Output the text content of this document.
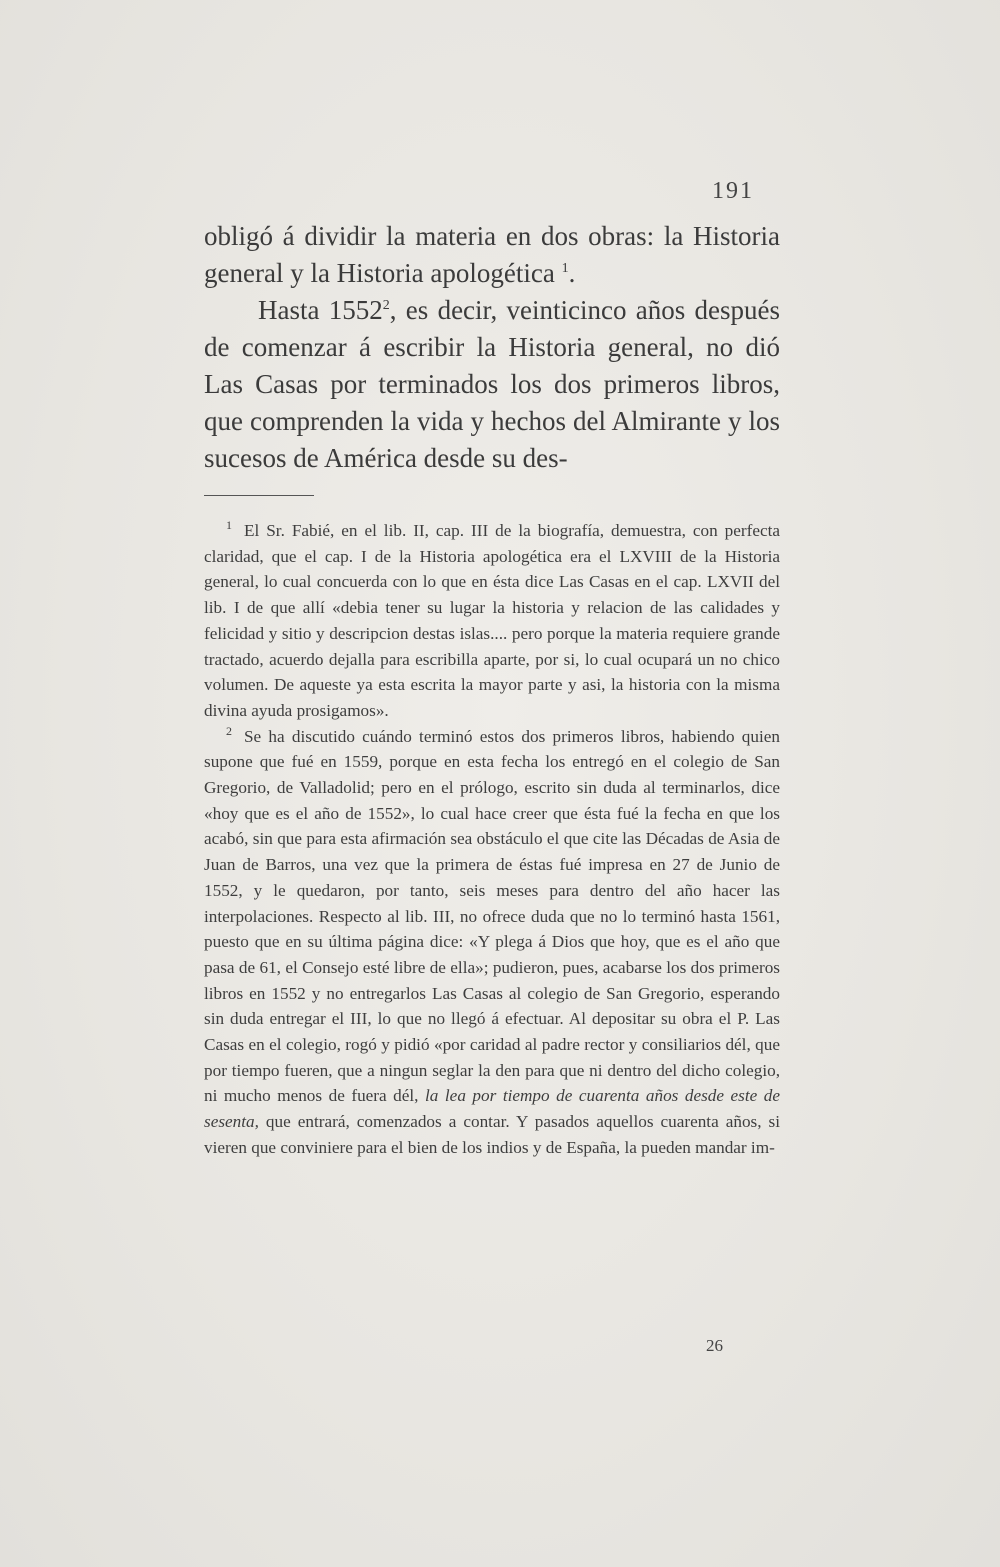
191

obligó á dividir la materia en dos obras: la Historia general y la Historia apologética $^1$.

Hasta 1552$^2$, es decir, veinticinco años después de comenzar á escribir la Historia general, no dió Las Casas por terminados los dos primeros libros, que comprenden la vida y hechos del Almirante y los sucesos de América desde su des-

$^1$ El Sr. Fabié, en el lib. II, cap. III de la biografía, demuestra, con perfecta claridad, que el cap. I de la Historia apologética era el LXVIII de la Historia general, lo cual concuerda con lo que en ésta dice Las Casas en el cap. LXVII del lib. I de que allí «debia tener su lugar la historia y relacion de las calidades y felicidad y sitio y descripcion destas islas.... pero porque la materia requiere grande tractado, acuerdo dejalla para escribilla aparte, por si, lo cual ocupará un no chico volumen. De aqueste ya esta escrita la mayor parte y asi, la historia con la misma divina ayuda prosigamos».

$^2$ Se ha discutido cuándo terminó estos dos primeros libros, habiendo quien supone que fué en 1559, porque en esta fecha los entregó en el colegio de San Gregorio, de Valladolid; pero en el prólogo, escrito sin duda al terminarlos, dice «hoy que es el año de 1552», lo cual hace creer que ésta fué la fecha en que los acabó, sin que para esta afirmación sea obstáculo el que cite las Décadas de Asia de Juan de Barros, una vez que la primera de éstas fué impresa en 27 de Junio de 1552, y le quedaron, por tanto, seis meses para dentro del año hacer las interpolaciones. Respecto al lib. III, no ofrece duda que no lo terminó hasta 1561, puesto que en su última página dice: «Y plega á Dios que hoy, que es el año que pasa de 61, el Consejo esté libre de ella»; pudieron, pues, acabarse los dos primeros libros en 1552 y no entregarlos Las Casas al colegio de San Gregorio, esperando sin duda entregar el III, lo que no llegó á efectuar. Al depositar su obra el P. Las Casas en el colegio, rogó y pidió «por caridad al padre rector y consiliarios dél, que por tiempo fueren, que a ningun seglar la den para que ni dentro del dicho colegio, ni mucho menos de fuera dél, la lea por tiempo de cuarenta años desde este de sesenta, que entrará, comenzados a contar. Y pasados aquellos cuarenta años, si vieren que conviniere para el bien de los indios y de España, la pueden mandar im-

26
